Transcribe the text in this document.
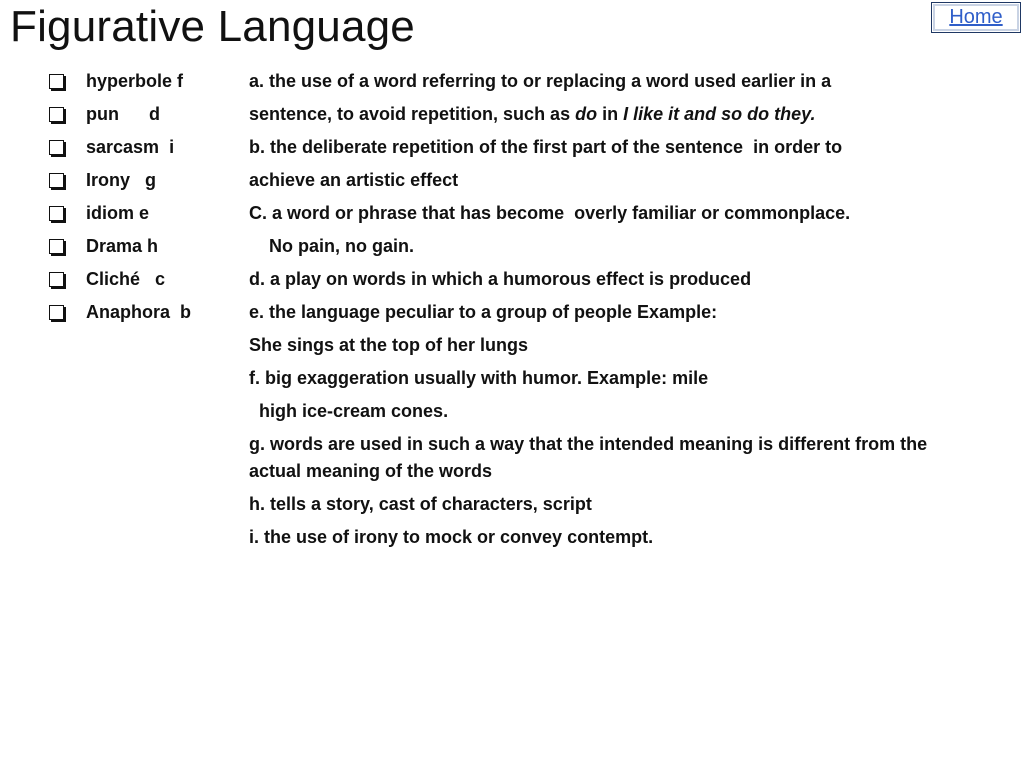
Figurative Language	Home
hyperbole f
pun      d
sarcasm  i
Irony   g
idiom e
Drama h
Cliché   c
Anaphora  b
a. the use of a word referring to or replacing a word used earlier in a
sentence, to avoid repetition, such as do in I like it and so do they.
b. the deliberate repetition of the first part of the sentence  in order to
achieve an artistic effect
C. a word or phrase that has become  overly familiar or commonplace.
No pain, no gain.
d. a play on words in which a humorous effect is produced
e. the language peculiar to a group of people Example:
She sings at the top of her lungs
f. big exaggeration usually with humor. Example: mile
high ice-cream cones.
g. words are used in such a way that the intended meaning is different from the actual meaning of the words
h. tells a story, cast of characters, script
i. the use of irony to mock or convey contempt.
